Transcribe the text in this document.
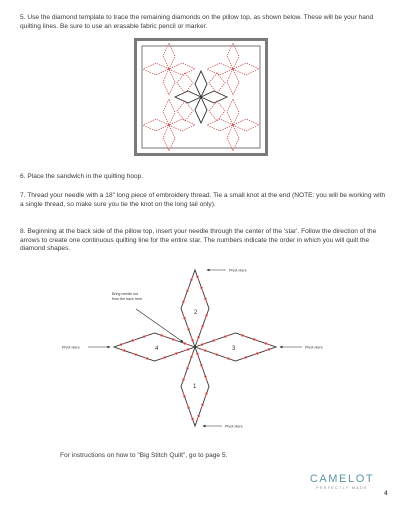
5. Use the diamond template to trace the remaining diamonds on the pillow top, as shown below. These will be your hand quilting lines. Be sure to use an erasable fabric pencil or marker.

6. Place the sandwich in the quilting hoop.

7. Thread your needle with a 18" long piece of embroidery thread. Tie a small knot at the end (NOTE: you will be working with a single thread, so make sure you tie the knot on the long tail only).

8. Beginning at the back side of the pillow top, insert your needle through the center of the 'star'. Follow the direction of the arrows to create one continuous quilting line for the entire star. The numbers indicate the order in which you will quilt the diamond shapes.

Bring needle out
from the back here.
Pivot Here
Pivot Here	Pivot Here
Pivot Here
2
4	3
1

For instructions on how to "Big Stitch Quilt", go to page 5.

CAMELOT
PERFECTLY MADE
4
